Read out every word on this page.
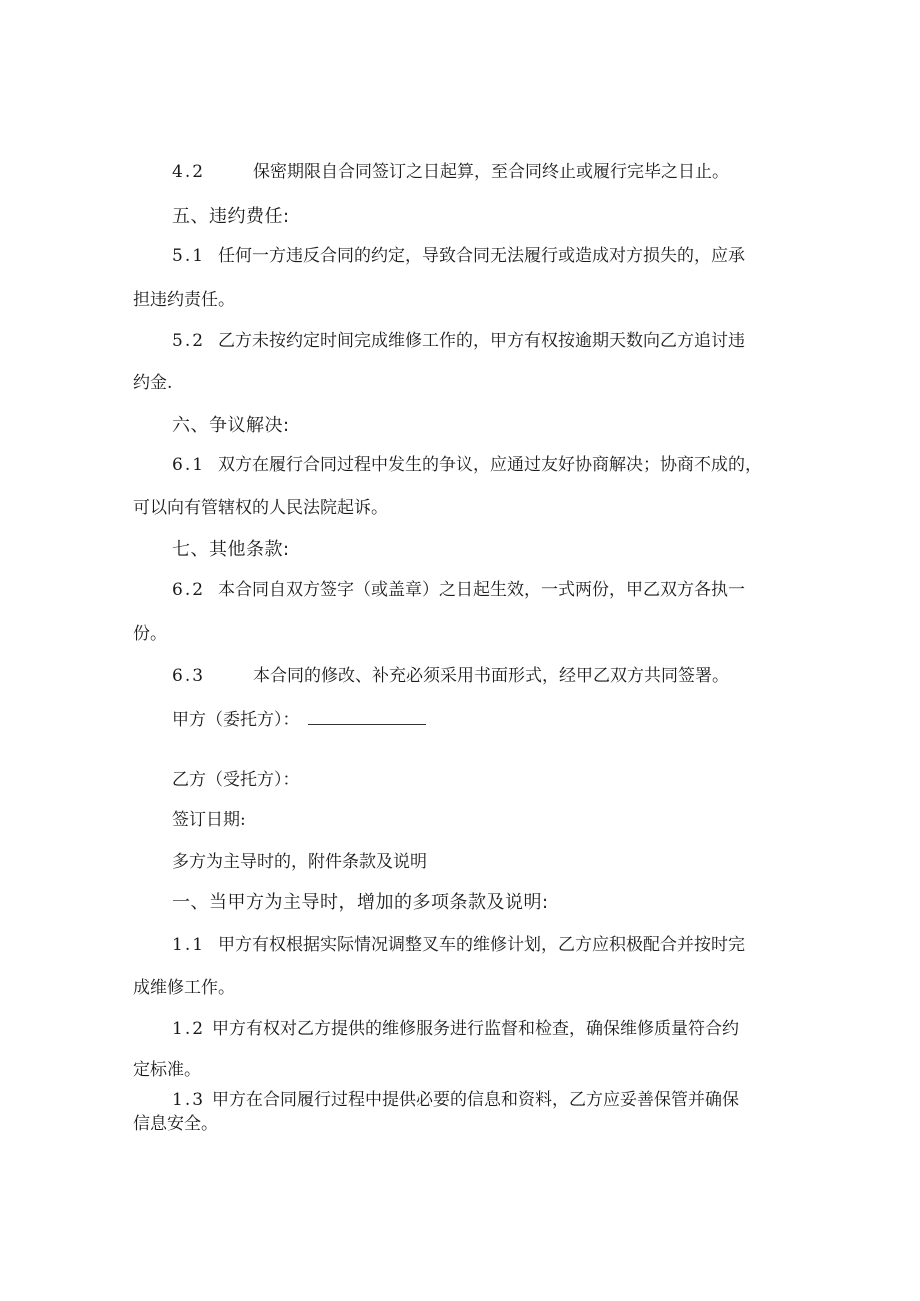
4.2	保密期限自合同签订之日起算，至合同终止或履行完毕之日止。
五、违约费任:
5.1 任何一方违反合同的约定，导致合同无法履行或造成对方损失的，应承
担违约责任。
5.2 乙方未按约定时间完成维修工作的，甲方有权按逾期天数向乙方追讨违
约金.
六、争议解决:
6.1 双方在履行合同过程中发生的争议，应通过友好协商解决；协商不成的，
可以向有管辖权的人民法院起诉。
七、其他条款:
6.2 本合同自双方签字（或盖章）之日起生效，一式两份，甲乙双方各执一
份。
6.3	本合同的修改、补充必须采用书面形式，经甲乙双方共同签署。
甲方（委托方）：
乙方（受托方）：
签订日期:
多方为主导时的，附件条款及说明
一、当甲方为主导时，增加的多项条款及说明:
1.1 甲方有权根据实际情况调整叉车的维修计划，乙方应积极配合并按时完
成维修工作。
1.2 甲方有权对乙方提供的维修服务进行监督和检查，确保维修质量符合约
定标准。
1.3 甲方在合同履行过程中提供必要的信息和资料，乙方应妥善保管并确保
信息安全。
